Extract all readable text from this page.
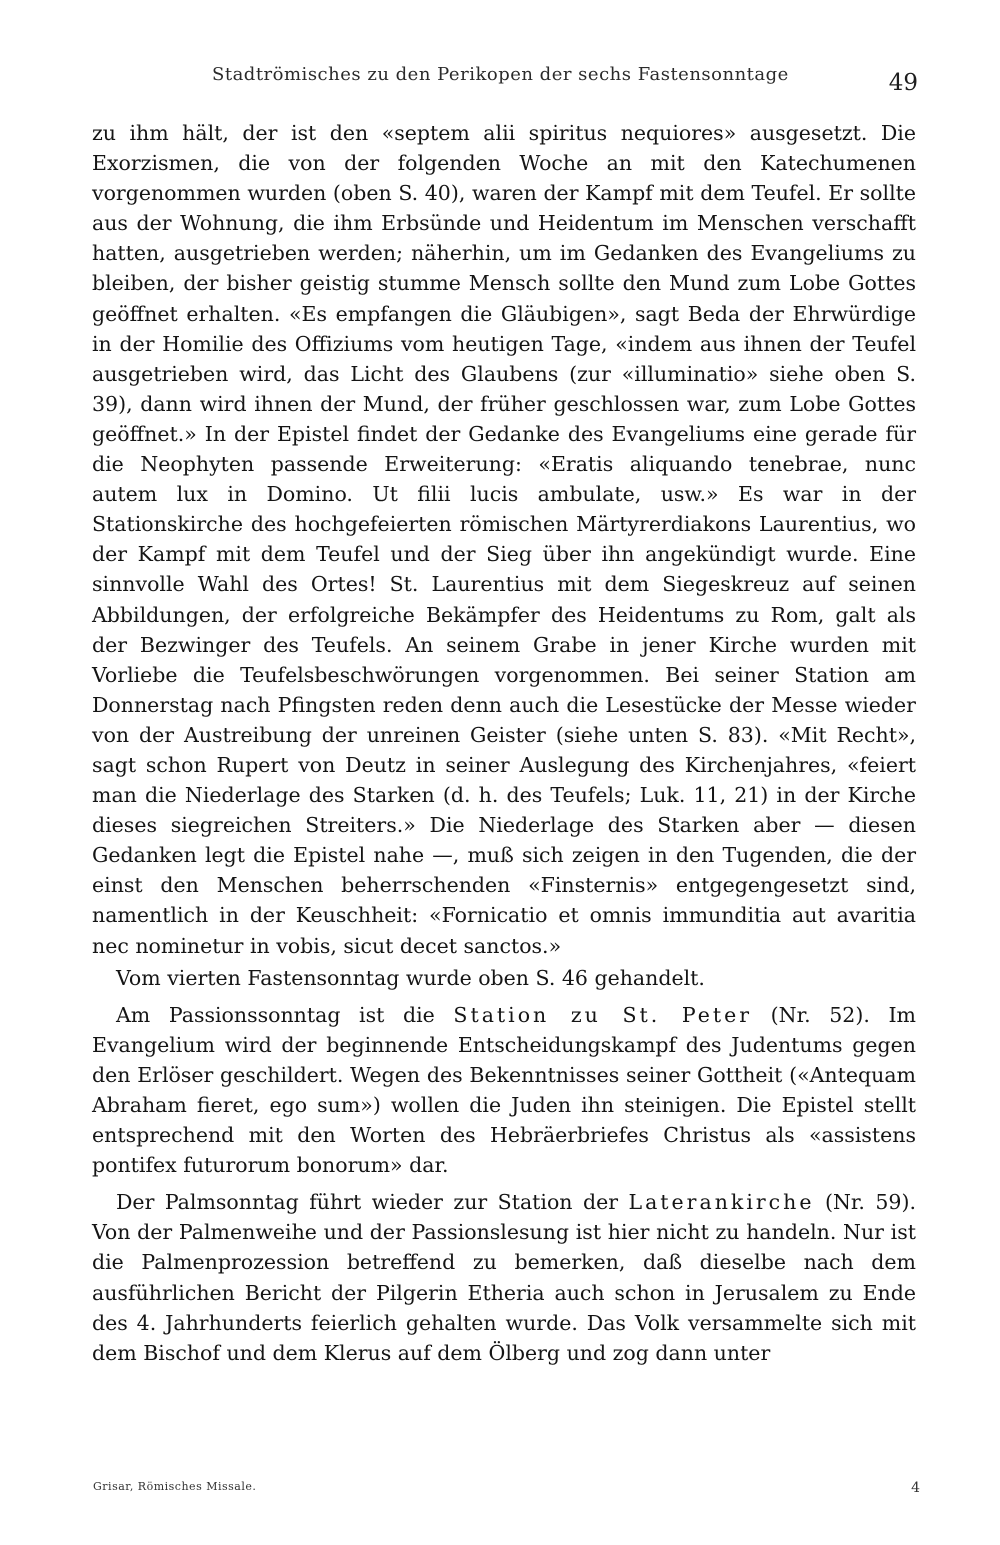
Stadtrömisches zu den Perikopen der sechs Fastensonntage	49

zu ihm hält, der ist den «septem alii spiritus nequiores» ausgesetzt. Die Exorzismen, die von der folgenden Woche an mit den Katechumenen vorgenommen wurden (oben S. 40), waren der Kampf mit dem Teufel. Er sollte aus der Wohnung, die ihm Erbsünde und Heidentum im Menschen verschafft hatten, ausgetrieben werden; näherhin, um im Gedanken des Evangeliums zu bleiben, der bisher geistig stumme Mensch sollte den Mund zum Lobe Gottes geöffnet erhalten. «Es empfangen die Gläubigen», sagt Beda der Ehrwürdige in der Homilie des Offiziums vom heutigen Tage, «indem aus ihnen der Teufel ausgetrieben wird, das Licht des Glaubens (zur «illuminatio» siehe oben S. 39), dann wird ihnen der Mund, der früher geschlossen war, zum Lobe Gottes geöffnet.» In der Epistel findet der Gedanke des Evangeliums eine gerade für die Neophyten passende Erweiterung: «Eratis aliquando tenebrae, nunc autem lux in Domino. Ut filii lucis ambulate, usw.» Es war in der Stationskirche des hochgefeierten römischen Märtyrerdiakons Laurentius, wo der Kampf mit dem Teufel und der Sieg über ihn angekündigt wurde. Eine sinnvolle Wahl des Ortes! St. Laurentius mit dem Siegeskreuz auf seinen Abbildungen, der erfolgreiche Bekämpfer des Heidentums zu Rom, galt als der Bezwinger des Teufels. An seinem Grabe in jener Kirche wurden mit Vorliebe die Teufelsbeschwörungen vorgenommen. Bei seiner Station am Donnerstag nach Pfingsten reden denn auch die Lesestücke der Messe wieder von der Austreibung der unreinen Geister (siehe unten S. 83). «Mit Recht», sagt schon Rupert von Deutz in seiner Auslegung des Kirchenjahres, «feiert man die Niederlage des Starken (d. h. des Teufels; Luk. 11, 21) in der Kirche dieses siegreichen Streiters.» Die Niederlage des Starken aber — diesen Gedanken legt die Epistel nahe —, muß sich zeigen in den Tugenden, die der einst den Menschen beherrschenden «Finsternis» entgegengesetzt sind, namentlich in der Keuschheit: «Fornicatio et omnis immunditia aut avaritia nec nominetur in vobis, sicut decet sanctos.»

Vom vierten Fastensonntag wurde oben S. 46 gehandelt.

Am Passionssonntag ist die Station zu St. Peter (Nr. 52). Im Evangelium wird der beginnende Entscheidungskampf des Judentums gegen den Erlöser geschildert. Wegen des Bekenntnisses seiner Gottheit («Antequam Abraham fieret, ego sum») wollen die Juden ihn steinigen. Die Epistel stellt entsprechend mit den Worten des Hebräerbriefes Christus als «assistens pontifex futurorum bonorum» dar.

Der Palmsonntag führt wieder zur Station der Laterankirche (Nr. 59). Von der Palmenweihe und der Passionslesung ist hier nicht zu handeln. Nur ist die Palmenprozession betreffend zu bemerken, daß dieselbe nach dem ausführlichen Bericht der Pilgerin Etheria auch schon in Jerusalem zu Ende des 4. Jahrhunderts feierlich gehalten wurde. Das Volk versammelte sich mit dem Bischof und dem Klerus auf dem Ölberg und zog dann unter

Grisar, Römisches Missale.	4
